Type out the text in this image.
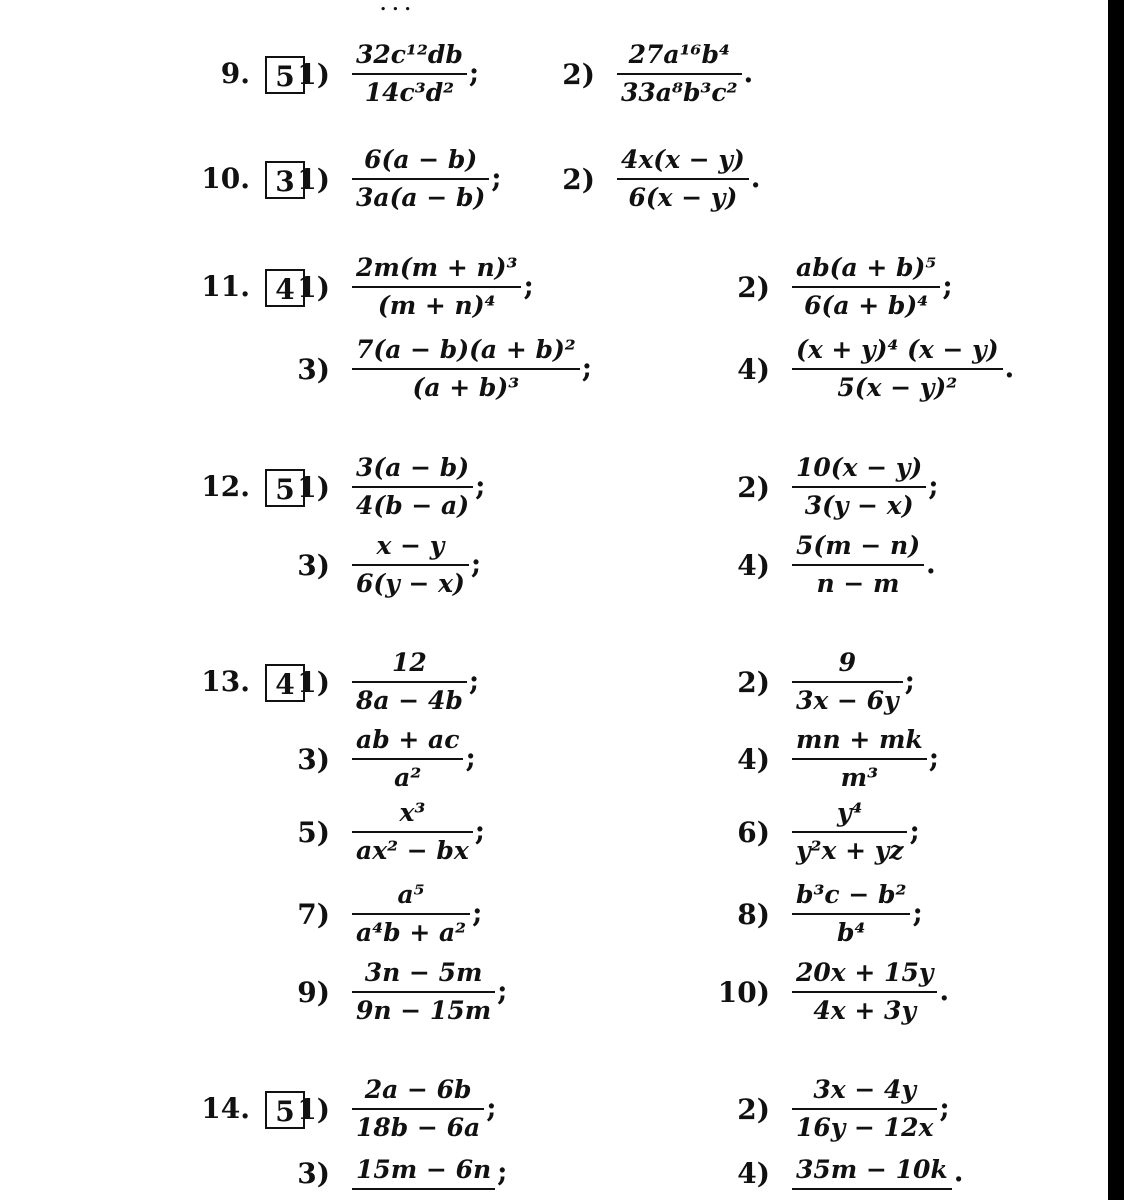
...
9. 5 $1) \frac{\text{32c¹²db}}{\text{14c³d²}}$ ;	$2) \frac{\text{27a¹⁶b⁴}}{\text{33a⁸b³c²}}$ .
10. 3 $1) \frac{6(a - b)}{3a(a - b)}$ ;	$2) \frac{4x(x - y)}{6(x - y)}$ .
11. 4 $1) \frac{\text{2m(m + n)³}}{\text{(m + n)⁴}}$ ;	$2) \frac{\text{ab(a + b)⁵}}{\text{6(a + b)⁴}}$ ;
$3) \frac{\text{7(a − b)(a + b)²}}{\text{(a + b)³}}$ ;	$4) \frac{\text{(x + y)⁴ (x − y)}}{\text{5(x − y)²}}$ .
12. 5 $1) \frac{3(a - b)}{4(b - a)}$ ;	$2) \frac{10(x - y)}{3(y - x)}$ ;
$3) \frac{x - y}{6(y - x)}$ ;	$4) \frac{5(m - n)}{n - m}$ .
13. 4 $1) \frac{12}{8a - 4b}$ ;	$2) \frac{9}{3x - 6y}$ ;
$3) \frac{ab + ac}{\text{a²}}$ ;	$4) \frac{mn + mk}{\text{m³}}$ ;
$5) \frac{\text{x³}}{\text{ax² − bx}}$ ;	$6) \frac{\text{y⁴}}{\text{y²x + yz}}$ ;
$7) \frac{\text{a⁵}}{\text{a⁴b + a²}}$ ;	$8) \frac{\text{b³c − b²}}{\text{b⁴}}$ ;
$9) \frac{3n - 5m}{9n - 15m}$ ;	$10) \frac{20x + 15y}{4x + 3y}$ .
14. 5 $1) \frac{2a - 6b}{18b - 6a}$ ;	$2) \frac{3x - 4y}{16y - 12x}$ ;
3)	15m − 6n ;	4)	35m − 10k .
